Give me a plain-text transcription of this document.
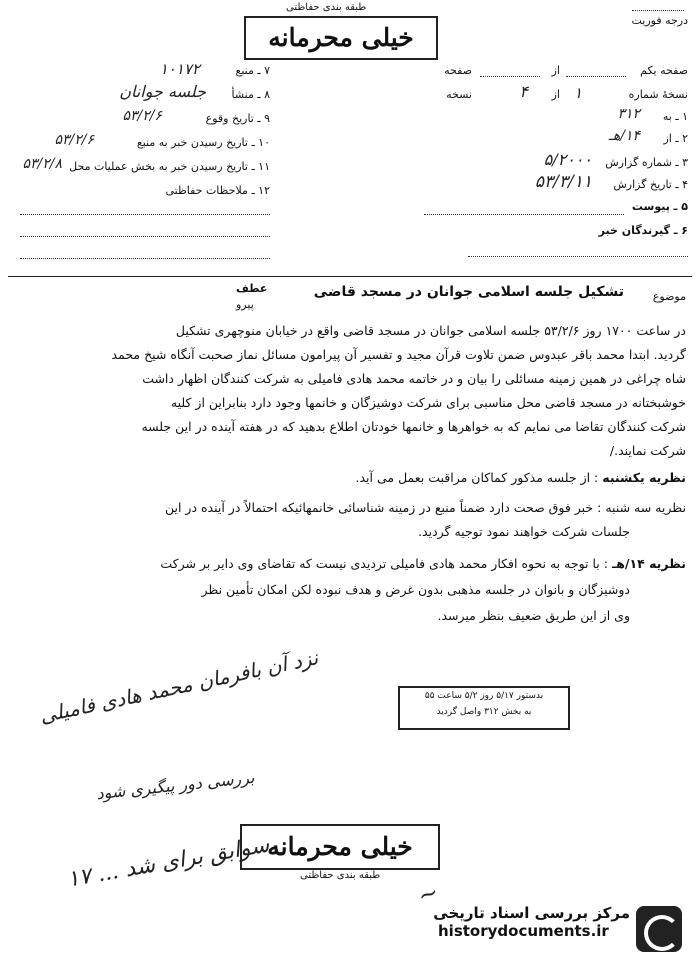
درجه فوریت
طبقه بندی حفاظتی
خیلی محرمانه
صفحه یکم
از
صفحه
نسخهٔ شماره
۱
از
۴
نسخه
۱ ـ به
۳۱۲
۲ ـ از
۱۴/هـ
۳ ـ شماره گزارش
۵/۲۰۰۰
۴ ـ تاریخ گزارش
۵۳/۳/۱۱
۵ ـ پیوست
۶ ـ گیرندگان خبر
۷ ـ منبع
۱۰۱۷۲
۸ ـ منشأ
جلسه جوانان
۹ ـ تاریخ وقوع
۵۳/۲/۶
۱۰ ـ تاریخ رسیدن خبر به منبع
۵۳/۲/۶
۱۱ ـ تاریخ رسیدن خبر به بخش عملیات محل
۵۳/۲/۸
۱۲ ـ ملاحظات حفاظتی
موضوع
تشکیل جلسه اسلامی جوانان در مسجد قاضی
عطف
پیرو
در ساعت ۱۷۰۰ روز ۵۳/۲/۶ جلسه اسلامی جوانان در مسجد قاضی واقع در خیابان منوچهری تشکیل
گردید. ابتدا محمد باقر عبدوس ضمن تلاوت قرآن مجید و تفسیر آن پیرامون مسائل نماز صحبت آنگاه شیخ محمد
شاه چراغی در همین زمینه مسائلی را بیان و در خاتمه محمد هادی فامیلی به شرکت کنندگان اظهار داشت
خوشبختانه در مسجد قاضی محل مناسبی برای شرکت دوشیزگان و خانمها وجود دارد بنابراین از کلیه
شرکت کنندگان تقاضا می نمایم که به خواهرها و خانمها خودتان اطلاع بدهید که در هفته آینده در این جلسه
شرکت نمایند./
نظریه یکشنبه : از جلسه مذکور کماکان مراقبت بعمل می آید.
نظریه سه شنبه : خبر فوق صحت دارد ضمناً منبع در زمینه شناسائی خانمهائیکه احتمالاً در آینده در این
جلسات شرکت خواهند نمود توجیه گردید.
نظریه ۱۴/هـ : با توجه به نحوه افکار محمد هادی فامیلی تردیدی نیست که تقاضای وی دایر بر شرکت
دوشیزگان و بانوان در جلسه مذهبی بدون غرض و هدف نبوده لکن امکان تأمین نظر
وی از این طریق ضعیف بنظر میرسد.
بدستور ۵/۱۷ روز ۵/۲ ساعت ۵۵
به بخش ۳۱۲ واصل گردید
نزد آن بافرمان محمد هادی فامیلی
بررسی دور پیگیری شود
سوابق برای شد ... ۱۷
~
خیلی محرمانه
طبقه بندی حفاظتی
مرکز بررسی اسناد تاریخی
historydocuments.ir
